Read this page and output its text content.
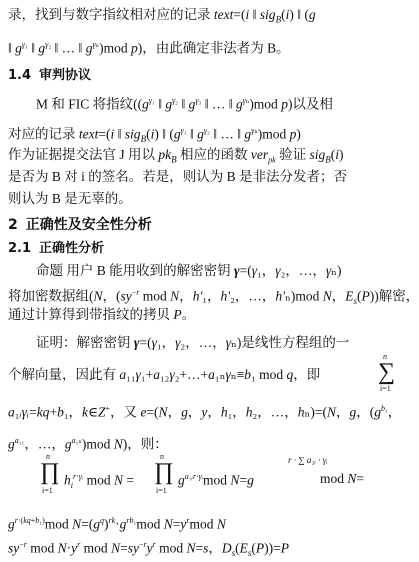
录，找到与数字指纹相对应的记录 text=(i ‖ sig$_B$(i) ‖ (g
‖ $g^{\gamma_1}$ ‖ $g^{\gamma_2}$ ‖ … ‖ $g^{\gamma_n})mod$ p)，由此确定非法者为 B。
1.4 审判协议
M 和 FIC 将指纹(($g^{\gamma_1}$ ‖ $g^{\gamma_2}$ ‖ $g^{\gamma_3}$ ‖ … ‖ $g^{\gamma_n})mod$ p)以及相
对应的记录 text=(i ‖ sig$_B$(i) ‖ ($g^{\gamma_1}$ ‖ $g^{\gamma_2}$ ‖ … ‖ $g^{\gamma_n})mod$ p)
作为证据提交法官 J 用以 $pk_B$ 相应的函数 ver$_{pk}$ 验证 sig$_B$(i)
是否为 B 对 i 的签名。若是，则认为 B 是非法分发者；否
则认为 B 是无辜的。
2 正确性及安全性分析
2.1 正确性分析
命题 用户 B 能用收到的解密密钥 γ=(γ₁，γ₂，…，γₙ)
将加密数据组(N，($sy^{-r}$ mod N，h'₁，h'₂，…，h'ₙ)mod N，$E_s(P)$)解密，
通过计算得到带指纹的拷贝 P。
证明：解密密钥 γ=(γ₁，γ₂，…，γₙ)是线性方程组的一
个解向量，因此有 a₁₁γ₁+a₁₂γ₂+…+a₁ₙγₙ≡b₁ mod q，即
n
∑
i=1
a₁ᵢγᵢ=kq+b₁，k∈Z+，又 e=(N，g，y，h₁，h₂，…，hₙ)=(N，g，($g^{b_1}$，
$g^{a_{11}}$，…，$g^{a_{1n}})mod$ N)，则：
n
∏
i=1
$h_i^{r\cdot\gamma ᵢ}$ mod N =
n
∏
i=1
$g^{a_1ᵢr\cdot\gamma ᵢ}mod$ N=g
r · ∑ a₁ᵢ · γᵢ
mod N=
$g^{r\cdot(kq+b_1)}mod$ $N=(g^q)^{rk}\cdot g^{rb_1}mod$ $N=y^rmod$ N
$sy^{-r}$ mod $N\cdot y^r$ mod $N=sy^{-r}y^r$ mod N=s，$D_s(E_s(P))=P$
